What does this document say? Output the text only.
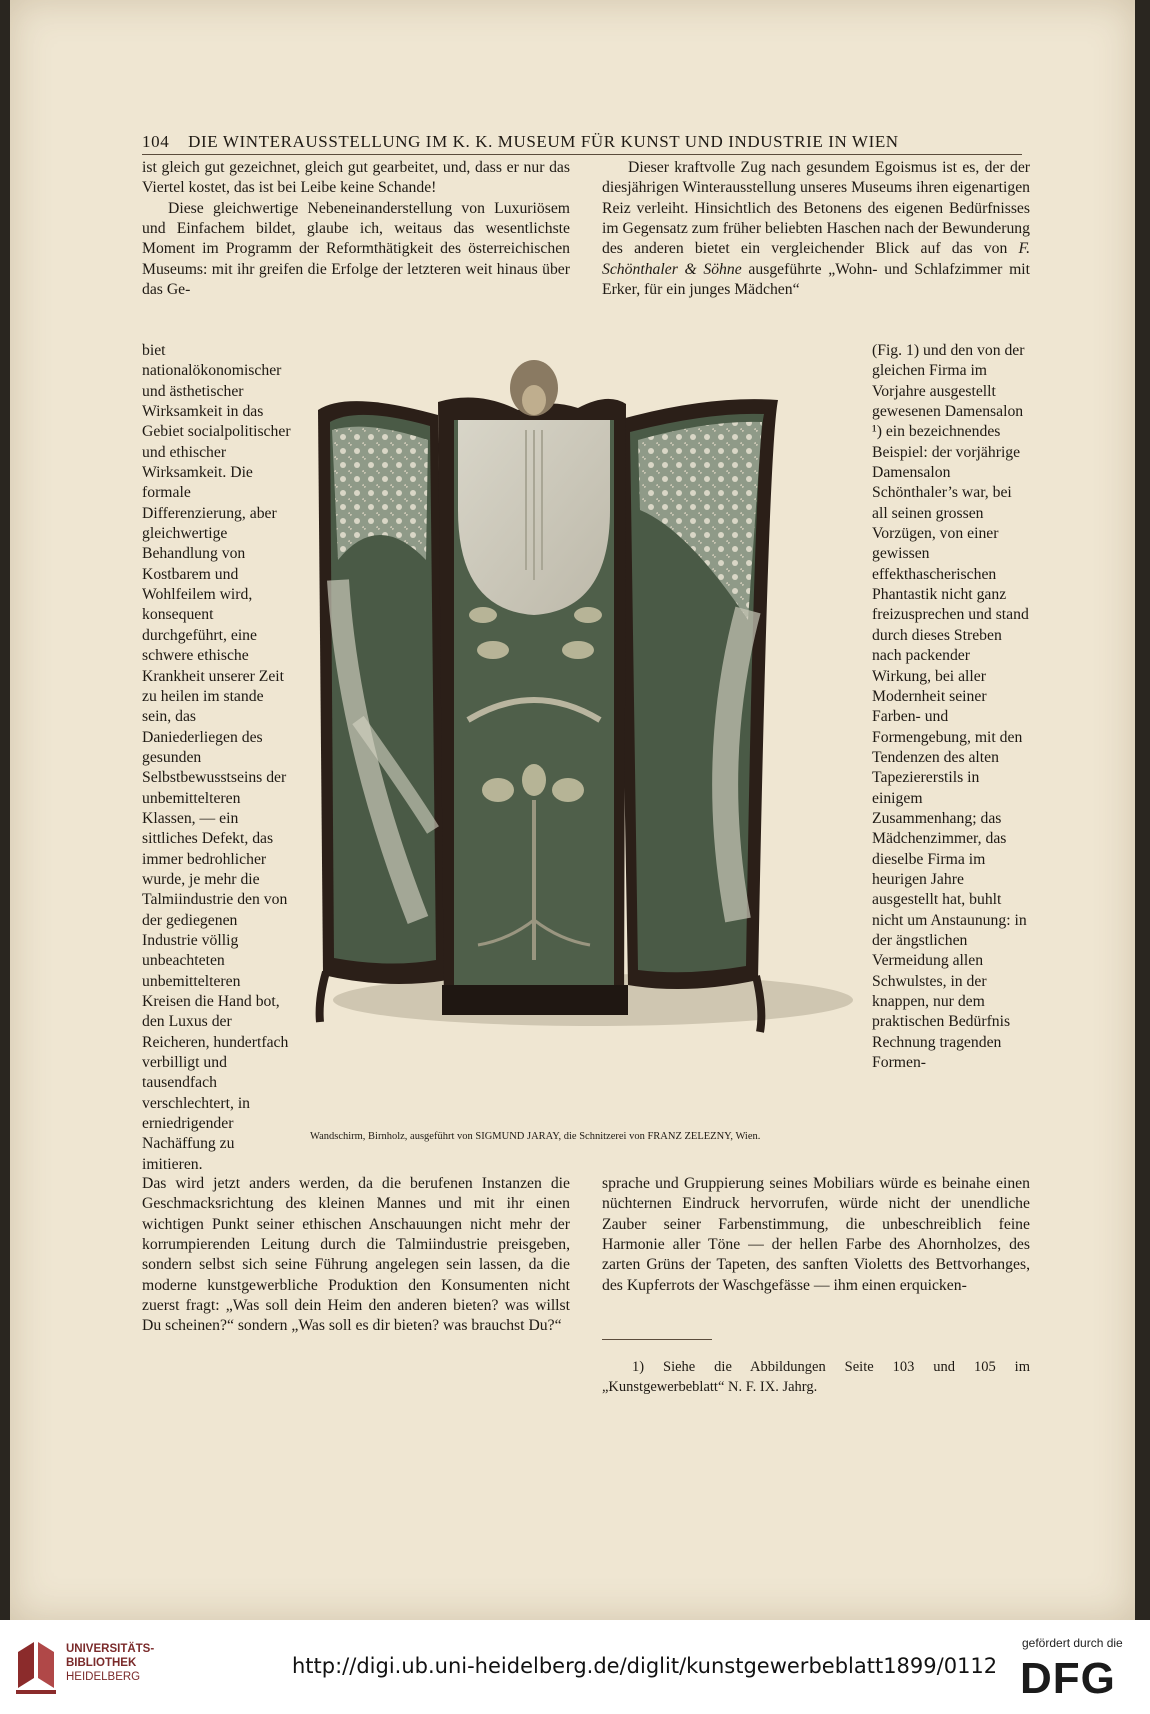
104 DIE WINTERAUSSTELLUNG IM K. K. MUSEUM FÜR KUNST UND INDUSTRIE IN WIEN

ist gleich gut gezeichnet, gleich gut gearbeitet, und, dass er nur das Viertel kostet, das ist bei Leibe keine Schande!

Diese gleichwertige Nebeneinanderstellung von Luxuriösem und Einfachem bildet, glaube ich, weitaus das wesentlichste Moment im Programm der Reformthätigkeit des österreichischen Museums: mit ihr greifen die Erfolge der letzteren weit hinaus über das Ge-

Dieser kraftvolle Zug nach gesundem Egoismus ist es, der der diesjährigen Winterausstellung unseres Museums ihren eigenartigen Reiz verleiht. Hinsichtlich des Betonens des eigenen Bedürfnisses im Gegensatz zum früher beliebten Haschen nach der Bewunderung des anderen bietet ein vergleichender Blick auf das von F. Schönthaler & Söhne ausgeführte „Wohn- und Schlafzimmer mit Erker, für ein junges Mädchen“

biet nationalökonomischer und ästhetischer Wirksamkeit in das Gebiet socialpolitischer und ethischer Wirksamkeit. Die formale Differenzierung, aber gleichwertige Behandlung von Kostbarem und Wohlfeilem wird, konsequent durchgeführt, eine schwere ethische Krankheit unserer Zeit zu heilen im stande sein, das Daniederliegen des gesunden Selbstbewusstseins der unbemittelteren Klassen, — ein sittliches Defekt, das immer bedrohlicher wurde, je mehr die Talmiindustrie den von der gediegenen Industrie völlig unbeachteten unbemittelteren Kreisen die Hand bot, den Luxus der Reicheren, hundertfach verbilligt und tausendfach verschlechtert, in erniedrigender Nachäffung zu imitieren.

(Fig. 1) und den von der gleichen Firma im Vorjahre ausgestellt gewesenen Damensalon ¹) ein bezeichnendes Beispiel: der vorjährige Damensalon Schönthaler’s war, bei all seinen grossen Vorzügen, von einer gewissen effekthascherischen Phantastik nicht ganz freizusprechen und stand durch dieses Streben nach packender Wirkung, bei aller Modernheit seiner Farben- und Formengebung, mit den Tendenzen des alten Tapeziererstils in einigem Zusammenhang; das Mädchenzimmer, das dieselbe Firma im heurigen Jahre ausgestellt hat, buhlt nicht um Anstaunung: in der ängstlichen Vermeidung allen Schwulstes, in der knappen, nur dem praktischen Bedürfnis Rechnung tragenden Formen-

Wandschirm, Birnholz, ausgeführt von SIGMUND JARAY, die Schnitzerei von FRANZ ZELEZNY, Wien.

Das wird jetzt anders werden, da die berufenen Instanzen die Geschmacksrichtung des kleinen Mannes und mit ihr einen wichtigen Punkt seiner ethischen Anschauungen nicht mehr der korrumpierenden Leitung durch die Talmiindustrie preisgeben, sondern selbst sich seine Führung angelegen sein lassen, da die moderne kunstgewerbliche Produktion den Konsumenten nicht zuerst fragt: „Was soll dein Heim den anderen bieten? was willst Du scheinen?“ sondern „Was soll es dir bieten? was brauchst Du?“

sprache und Gruppierung seines Mobiliars würde es beinahe einen nüchternen Eindruck hervorrufen, würde nicht der unendliche Zauber seiner Farbenstimmung, die unbeschreiblich feine Harmonie aller Töne — der hellen Farbe des Ahornholzes, des zarten Grüns der Tapeten, des sanften Violetts des Bettvorhanges, des Kupferrots der Waschgefässe — ihm einen erquicken-

1) Siehe die Abbildungen Seite 103 und 105 im „Kunstgewerbeblatt“ N. F. IX. Jahrg.
UNIVERSITÄTS-
BIBLIOTHEK
HEIDELBERG	http://digi.ub.uni-heidelberg.de/diglit/kunstgewerbeblatt1899/0112
gefördert durch die
DFG
